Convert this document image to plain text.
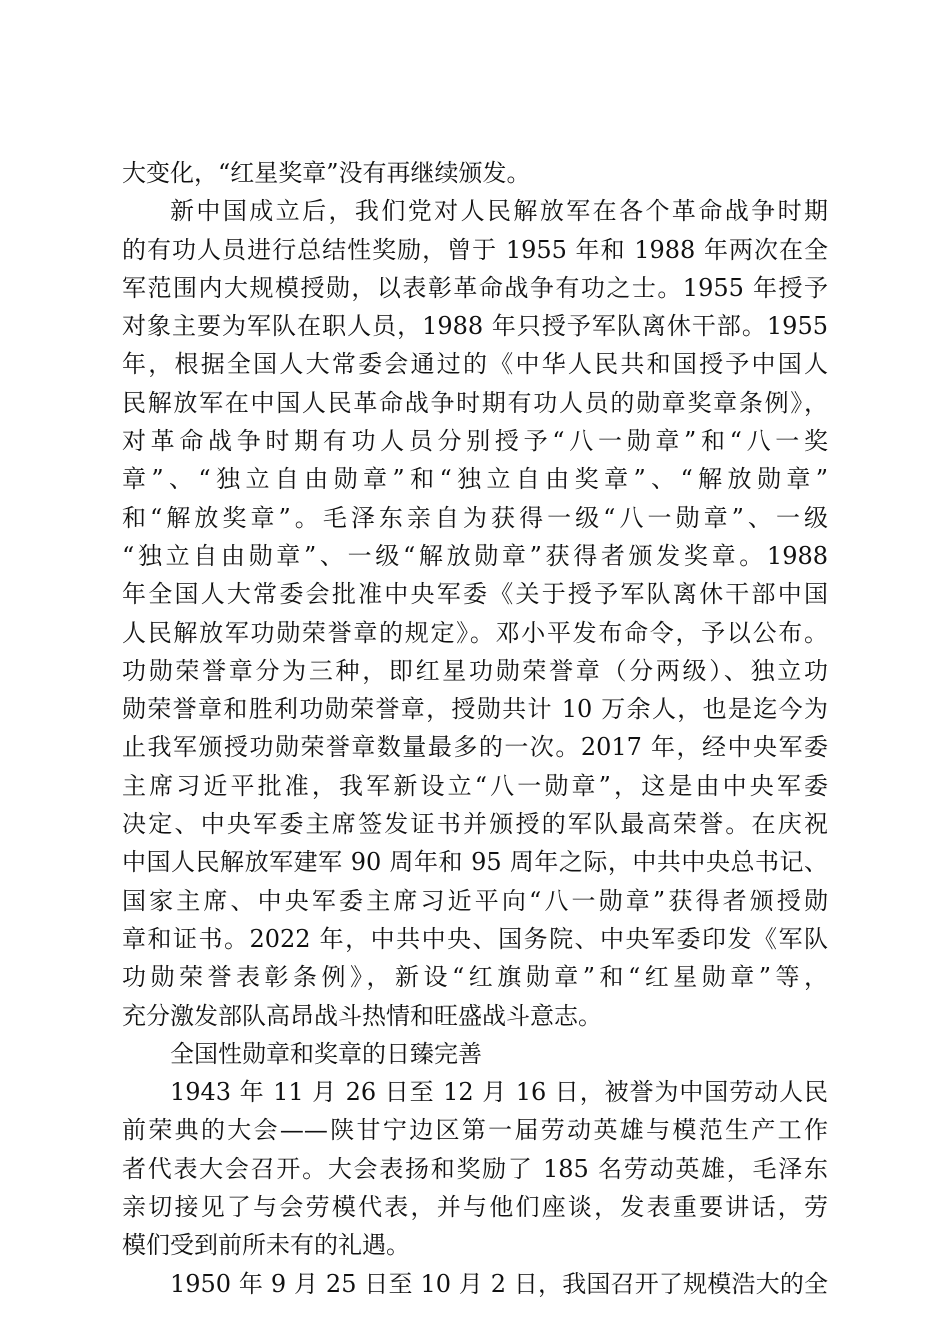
大变化，“红星奖章”没有再继续颁发。
新中国成立后，我们党对人民解放军在各个革命战争时期
的有功人员进行总结性奖励，曾于 1955 年和 1988 年两次在全
军范围内大规模授勋，以表彰革命战争有功之士。1955 年授予
对象主要为军队在职人员，1988 年只授予军队离休干部。1955
年，根据全国人大常委会通过的《中华人民共和国授予中国人
民解放军在中国人民革命战争时期有功人员的勋章奖章条例》，
对革命战争时期有功人员分别授予“八一勋章”和“八一奖
章”、“独立自由勋章”和“独立自由奖章”、“解放勋章”
和“解放奖章”。毛泽东亲自为获得一级“八一勋章”、一级
“独立自由勋章”、一级“解放勋章”获得者颁发奖章。1988
年全国人大常委会批准中央军委《关于授予军队离休干部中国
人民解放军功勋荣誉章的规定》。邓小平发布命令，予以公布。
功勋荣誉章分为三种，即红星功勋荣誉章（分两级）、独立功
勋荣誉章和胜利功勋荣誉章，授勋共计 10 万余人，也是迄今为
止我军颁授功勋荣誉章数量最多的一次。2017 年，经中央军委
主席习近平批准，我军新设立“八一勋章”，这是由中央军委
决定、中央军委主席签发证书并颁授的军队最高荣誉。在庆祝
中国人民解放军建军 90 周年和 95 周年之际，中共中央总书记、
国家主席、中央军委主席习近平向“八一勋章”获得者颁授勋
章和证书。2022 年，中共中央、国务院、中央军委印发《军队
功勋荣誉表彰条例》，新设“红旗勋章”和“红星勋章”等，
充分激发部队高昂战斗热情和旺盛战斗意志。
全国性勋章和奖章的日臻完善
1943 年 11 月 26 日至 12 月 16 日，被誉为中国劳动人民
前荣典的大会——陕甘宁边区第一届劳动英雄与模范生产工作
者代表大会召开。大会表扬和奖励了 185 名劳动英雄，毛泽东
亲切接见了与会劳模代表，并与他们座谈，发表重要讲话，劳
模们受到前所未有的礼遇。
1950 年 9 月 25 日至 10 月 2 日，我国召开了规模浩大的全
